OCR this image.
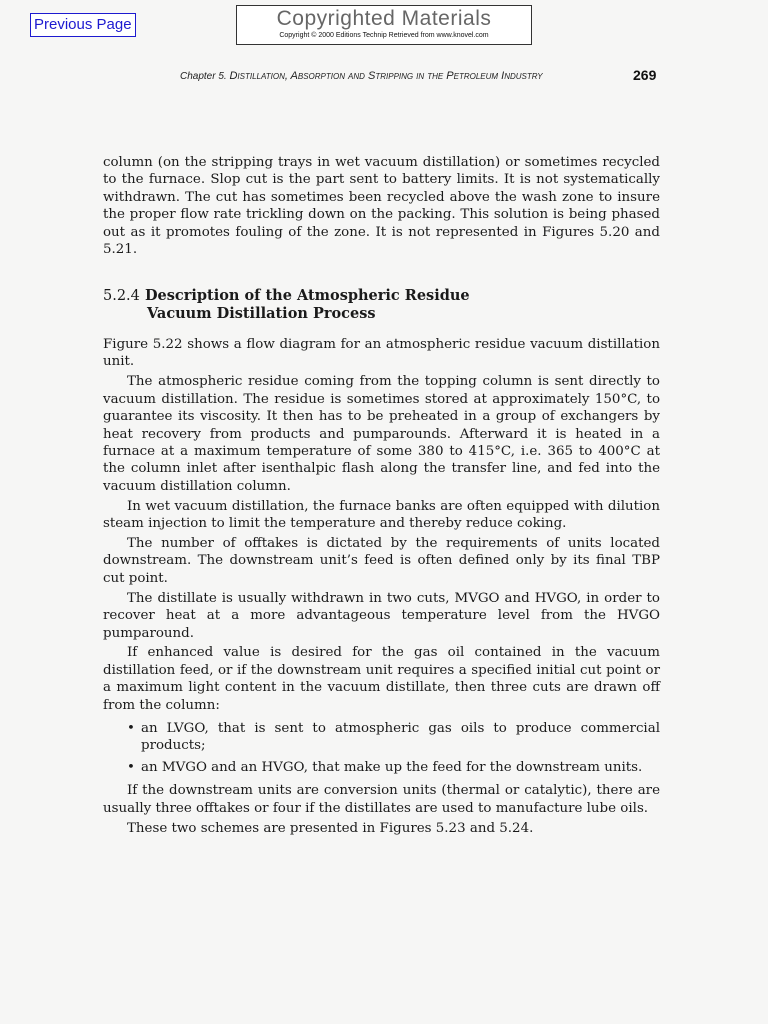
Previous Page	Copyrighted Materials
Copyright © 2000 Editions Technip Retrieved from www.knovel.com
Chapter 5. Distillation, Absorption and Stripping in the Petroleum Industry	269

column (on the stripping trays in wet vacuum distillation) or sometimes recycled to the furnace. Slop cut is the part sent to battery limits. It is not systematically withdrawn. The cut has sometimes been recycled above the wash zone to insure the proper flow rate trickling down on the packing. This solution is being phased out as it promotes fouling of the zone. It is not represented in Figures 5.20 and 5.21.

5.2.4 Description of the Atmospheric Residue
Vacuum Distillation Process

Figure 5.22 shows a flow diagram for an atmospheric residue vacuum distillation unit.

The atmospheric residue coming from the topping column is sent directly to vacuum distillation. The residue is sometimes stored at approximately 150°C, to guarantee its viscosity. It then has to be preheated in a group of exchangers by heat recovery from products and pumparounds. Afterward it is heated in a furnace at a maximum temperature of some 380 to 415°C, i.e. 365 to 400°C at the column inlet after isenthalpic flash along the transfer line, and fed into the vacuum distillation column.

In wet vacuum distillation, the furnace banks are often equipped with dilution steam injection to limit the temperature and thereby reduce coking.

The number of offtakes is dictated by the requirements of units located downstream. The downstream unit’s feed is often defined only by its final TBP cut point.

The distillate is usually withdrawn in two cuts, MVGO and HVGO, in order to recover heat at a more advantageous temperature level from the HVGO pumparound.

If enhanced value is desired for the gas oil contained in the vacuum distillation feed, or if the downstream unit requires a specified initial cut point or a maximum light content in the vacuum distillate, then three cuts are drawn off from the column:

• an LVGO, that is sent to atmospheric gas oils to produce commercial products;
• an MVGO and an HVGO, that make up the feed for the downstream units.

If the downstream units are conversion units (thermal or catalytic), there are usually three offtakes or four if the distillates are used to manufacture lube oils.

These two schemes are presented in Figures 5.23 and 5.24.
